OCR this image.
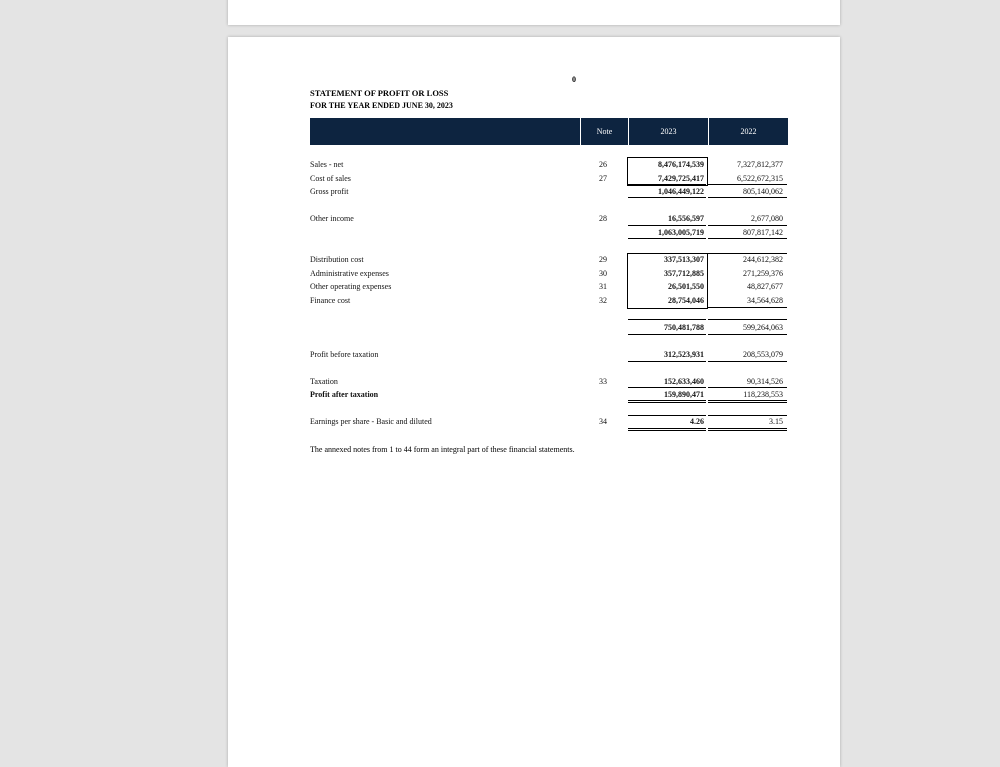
0
STATEMENT OF PROFIT OR LOSS
FOR THE YEAR ENDED JUNE 30, 2023
Note	2023	2022
Sales - net	26	8,476,174,539	7,327,812,377
Cost of sales	27	7,429,725,417	6,522,672,315
Gross profit	1,046,449,122	805,140,062
Other income	28	16,556,597	2,677,080
1,063,005,719	807,817,142
Distribution cost	29	337,513,307	244,612,382
Administrative expenses	30	357,712,885	271,259,376
Other operating expenses	31	26,501,550	48,827,677
Finance cost	32	28,754,046	34,564,628
750,481,788	599,264,063
Profit before taxation	312,523,931	208,553,079
Taxation	33	152,633,460	90,314,526
Profit after taxation	159,890,471	118,238,553
Earnings per share - Basic and diluted	34	4.26	3.15
The annexed notes from 1 to 44 form an integral part of these financial statements.
